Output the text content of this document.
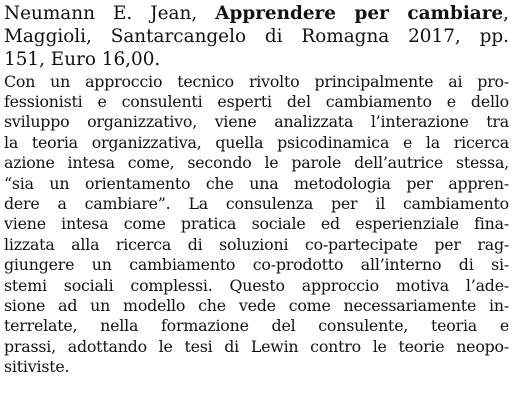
Neumann E. Jean, Apprendere per cambiare,
Maggioli, Santarcangelo di Romagna 2017, pp.
151, Euro 16,00.
Con un approccio tecnico rivolto principalmente ai pro-
fessionisti e consulenti esperti del cambiamento e dello
sviluppo organizzativo, viene analizzata l’interazione tra
la teoria organizzativa, quella psicodinamica e la ricerca
azione intesa come, secondo le parole dell’autrice stessa,
“sia un orientamento che una metodologia per appren-
dere a cambiare”. La consulenza per il cambiamento
viene intesa come pratica sociale ed esperienziale fina-
lizzata alla ricerca di soluzioni co-partecipate per rag-
giungere un cambiamento co-prodotto all’interno di si-
stemi sociali complessi. Questo approccio motiva l’ade-
sione ad un modello che vede come necessariamente in-
terrelate, nella formazione del consulente, teoria e
prassi, adottando le tesi di Lewin contro le teorie neopo-
sitiviste.
